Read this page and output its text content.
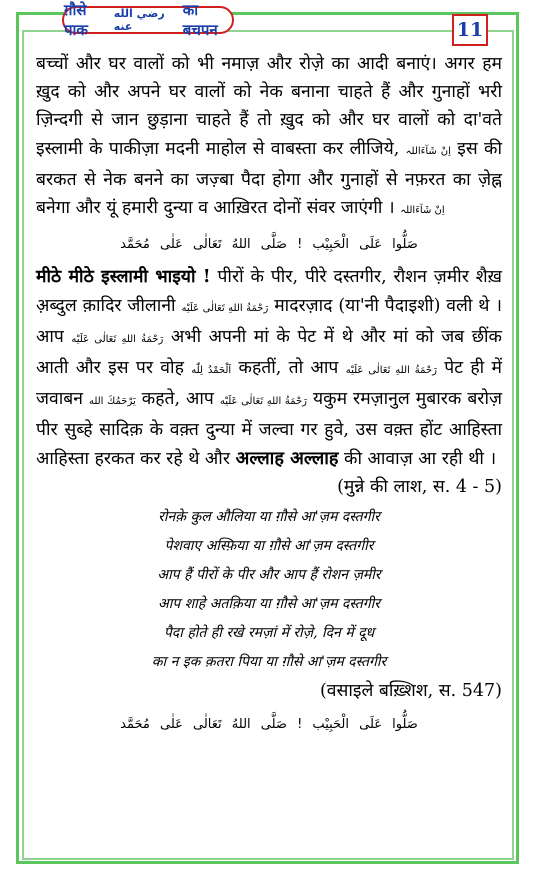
ग़ौसे पाक
رضي الله عنه
का बचपन	11

बच्चों और घर वालों को भी नमाज़ और रोज़े का आदी बनाएं। अगर हम ख़ुद को और अपने घर वालों को नेक बनाना चाहते हैं और गुनाहों भरी ज़िन्दगी से जान छुड़ाना चाहते हैं तो ख़ुद को और घर वालों को दा'वते इस्लामी के पाकीज़ा मदनी माहोल से वाबस्ता कर लीजिये, اِنْ شَآءَاللہ इस की बरकत से नेक बनने का जज़्बा पैदा होगा और गुनाहों से नफ़रत का ज़ेह्न बनेगा और यूं हमारी दुन्या व आख़िरत दोनों संवर जाएंगी । اِنْ شَآءَاللہ

صَلُّوا عَلَى الْحَبِيْب ! صَلَّى اللهُ تَعَالٰى عَلٰى مُحَمَّد

मीठे मीठे इस्लामी भाइयो ! पीरों के पीर, पीरे दस्तगीर, रौशन ज़मीर शैख़ अ़ब्दुल क़ादिर जीलानी رَحْمَةُ اللهِ تَعَالٰى عَلَيْه मादरज़ाद (या'नी पैदाइशी) वली थे । आप رَحْمَةُ اللهِ تَعَالٰى عَلَيْه अभी अपनी मां के पेट में थे और मां को जब छींक आती और इस पर वोह اَلْحَمْدُ لِلّٰه कहतीं, तो आप رَحْمَةُ اللهِ تَعَالٰى عَلَيْه पेट ही में जवाबन يَرْحَمُكَ الله कहते, आप رَحْمَةُ اللهِ تَعَالٰى عَلَيْه यकुम रमज़ानुल मुबारक बरोज़ पीर सुब्हे सादिक़ के वक़्त दुन्या में जल्वा गर हुवे, उस वक़्त होंट आहिस्ता आहिस्ता हरकत कर रहे थे और अल्लाह अल्लाह की आवाज़ आ रही थी ।

(मुन्ने की लाश, स. 4 - 5)

रोनक़े कुल औलिया या ग़ौसे आ'ज़म दस्तगीर
पेशवाए अस्फ़िया या ग़ौसे आ'ज़म दस्तगीर
आप हैं पीरों के पीर और आप हैं रोशन ज़मीर
आप शाहे अतक़िया या ग़ौसे आ'ज़म दस्तगीर
पैदा होते ही रखे रमज़ां में रोज़े, दिन में दूध
का न इक क़तरा पिया या ग़ौसे आ'ज़म दस्तगीर

(वसाइले बख़्शिश, स. 547)

صَلُّوا عَلَى الْحَبِيْب ! صَلَّى اللهُ تَعَالٰى عَلٰى مُحَمَّد
